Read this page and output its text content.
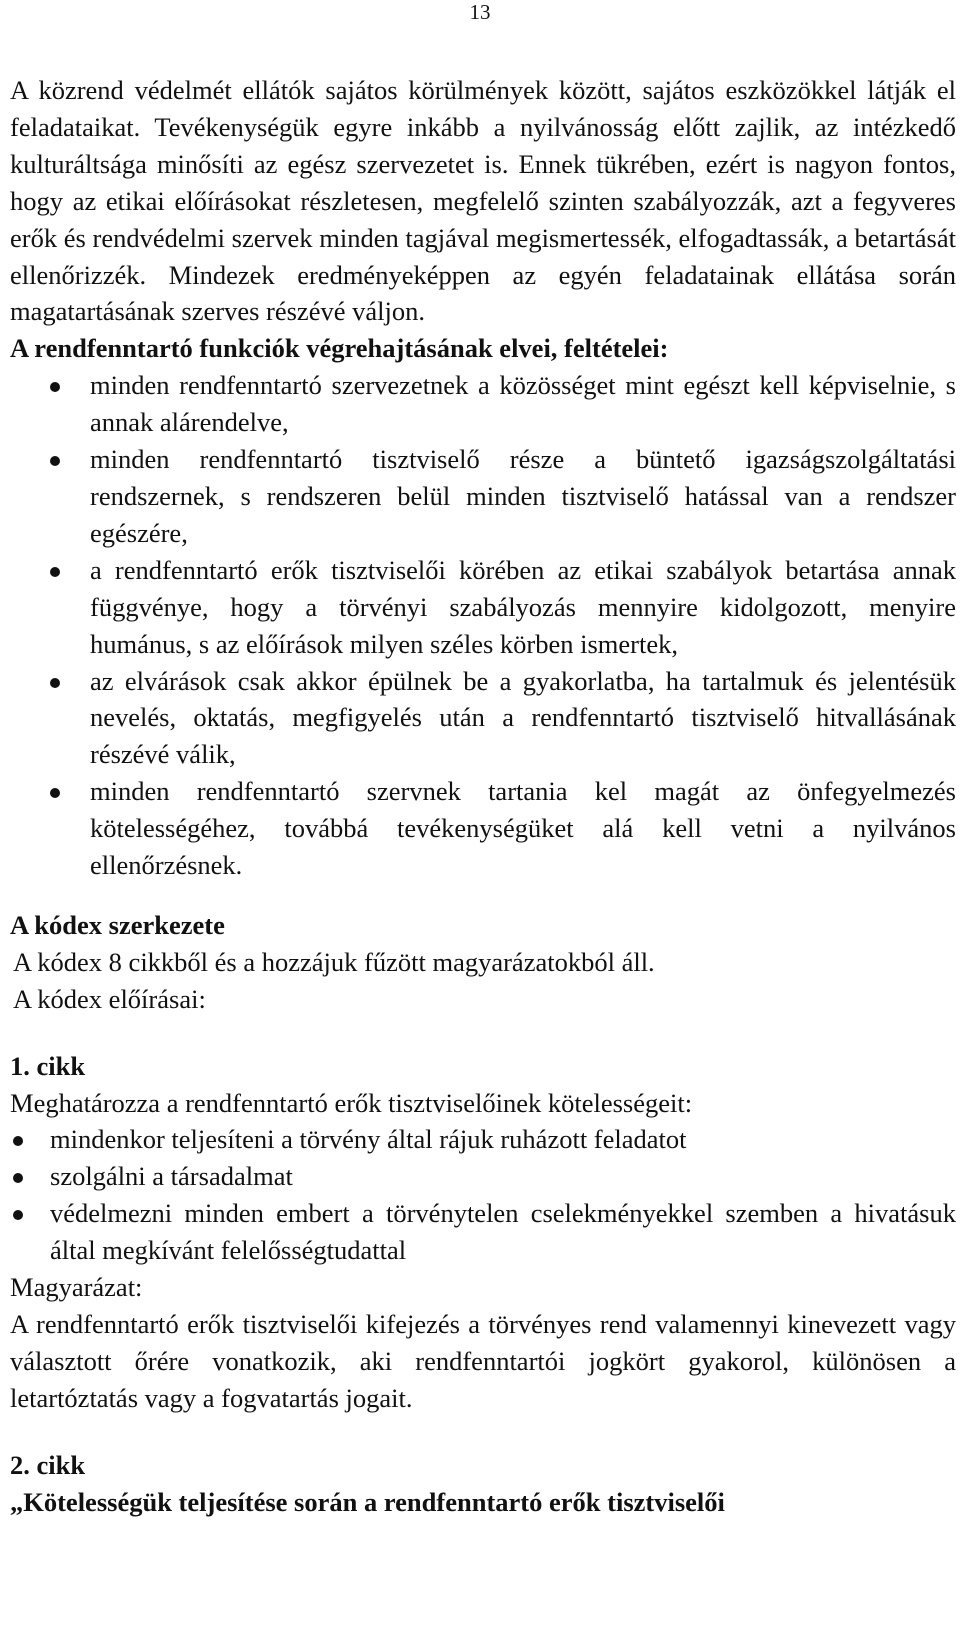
13

A közrend védelmét ellátók sajátos körülmények között, sajátos eszközökkel látják el feladataikat. Tevékenységük egyre inkább a nyilvánosság előtt zajlik, az intézkedő kulturáltsága minősíti az egész szervezetet is. Ennek tükrében, ezért is nagyon fontos, hogy az etikai előírásokat részletesen, megfelelő szinten szabályozzák, azt a fegyveres erők és rendvédelmi szervek minden tagjával megismertessék, elfogadtassák, a betartását ellenőrizzék. Mindezek eredményeképpen az egyén feladatainak ellátása során magatartásának szerves részévé váljon.

A rendfenntartó funkciók végrehajtásának elvei, feltételei:

minden rendfenntartó szervezetnek a közösséget mint egészt kell képviselnie, s annak alárendelve,
minden rendfenntartó tisztviselő része a büntető igazságszolgáltatási rendszernek, s rendszeren belül minden tisztviselő hatással van a rendszer egészére,
a rendfenntartó erők tisztviselői körében az etikai szabályok betartása annak függvénye, hogy a törvényi szabályozás mennyire kidolgozott, menyire humánus, s az előírások milyen széles körben ismertek,
az elvárások csak akkor épülnek be a gyakorlatba, ha tartalmuk és jelentésük nevelés, oktatás, megfigyelés után a rendfenntartó tisztviselő hitvallásának részévé válik,
minden rendfenntartó szervnek tartania kel magát az önfegyelmezés kötelességéhez, továbbá tevékenységüket alá kell vetni a nyilvános ellenőrzésnek.

A kódex szerkezete

A kódex 8 cikkből és a hozzájuk fűzött magyarázatokból áll.

A kódex előírásai:

1. cikk

Meghatározza a rendfenntartó erők tisztviselőinek kötelességeit:

mindenkor teljesíteni a törvény által rájuk ruházott feladatot
szolgálni a társadalmat
védelmezni minden embert a törvénytelen cselekményekkel szemben a hivatásuk által megkívánt felelősségtudattal

Magyarázat:

A rendfenntartó erők tisztviselői kifejezés a törvényes rend valamennyi kinevezett vagy választott őrére vonatkozik, aki rendfenntartói jogkört gyakorol, különösen a letartóztatás vagy a fogvatartás jogait.

2. cikk

„Kötelességük teljesítése során a rendfenntartó erők tisztviselői
